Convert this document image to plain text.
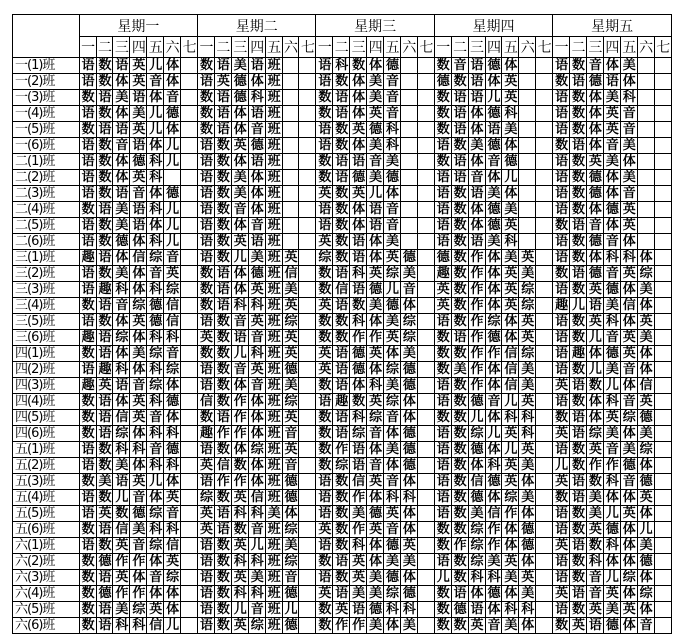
	星期一							星期二							星期三							星期四							星期五						
	一	二	三	四	五	六	七	一	二	三	四	五	六	七	一	二	三	四	五	六	七	一	二	三	四	五	六	七	一	二	三	四	五	六	七
一(1)班	语	数	语	英	儿	体		数	语	美	语	班			语	科	数	体	德			数	音	语	德	体			语	数	音	体	美		
一(2)班	语	数	体	英	音	体		语	英	德	体	班			语	数	体	美	音			德	数	语	体	英			数	语	德	语	体		
一(3)班	数	语	美	语	体	音		数	语	德	科	班			数	语	体	美	音			数	语	语	儿	英			语	数	体	美	科		
一(4)班	语	数	体	美	儿	德		数	语	体	语	班			数	语	体	英	音			数	语	体	德	科			语	数	体	英	音		
一(5)班	数	语	语	英	儿	体		数	语	体	音	班			语	数	英	德	科			数	语	体	语	美			语	数	体	英	音		
一(6)班	语	数	音	语	体	儿		语	数	英	德	班			语	数	体	美	科			语	数	美	德	体			数	语	体	音	美		
二(1)班	语	数	体	德	科	儿		语	数	体	语	班			数	语	语	音	美			数	语	体	音	德			语	数	英	美	体		
二(2)班	语	数	体	英	科			语	数	美	体	班			数	语	德	美	德			语	语	音	体	儿			语	数	德	体	美		
二(3)班	语	数	语	音	体	德		语	数	美	体	班			英	数	英	儿	体			语	数	语	美	体			语	数	德	体	音		
二(4)班	数	语	美	语	科	儿		语	数	音	体	班			语	数	体	语	音			语	数	体	德	美			语	数	体	德	英		
二(5)班	语	数	美	语	体	儿		语	数	体	音	班			语	数	体	语	音			语	数	体	德	英			数	语	音	体	英		
二(6)班	语	数	德	体	科	儿		语	数	英	语	班			英	数	语	体	美			语	数	语	美	科			语	数	德	音	体		
三(1)班	趣	语	体	信	综	音		语	数	儿	美	班	英		综	数	语	体	英	德		德	数	作	体	美	英		语	数	体	科	科	体	
三(2)班	语	数	美	体	音	英		数	语	体	德	班	信		数	语	科	英	综	美		趣	数	作	体	英	美		数	语	德	音	英	综	
三(3)班	语	趣	科	体	科	综		数	语	体	英	班	美		数	信	语	德	儿	音		英	数	作	体	英	综		语	数	英	德	体	美	
三(4)班	数	语	音	综	德	信		数	语	科	科	班	英		英	语	数	美	德	体		英	数	作	体	英	综		趣	儿	语	美	信	体	
三(5)班	语	数	体	英	德	信		语	数	音	英	班	综		数	数	科	体	美	综		语	数	作	综	体	英		语	数	英	科	体	英	
三(6)班	趣	语	综	体	科	科		英	数	语	音	班	英		数	数	作	作	英	综		数	语	作	德	体	英		语	数	儿	音	英	美	
四(1)班	数	语	体	美	综	音		数	数	儿	科	班	英		英	语	德	英	体	美		数	数	作	作	信	综		语	趣	体	德	英	体	
四(2)班	语	趣	科	体	科	综		语	数	音	英	班	德		英	语	德	体	综	德		数	美	作	体	信	美		语	数	儿	美	音	体	
四(3)班	趣	英	语	音	综	体		语	数	体	音	班	美		数	语	体	科	美	德		语	数	作	体	信	美		英	语	数	儿	体	信	
四(4)班	数	语	体	英	科	德		信	数	作	体	班	综		语	趣	数	英	综	体		语	数	德	音	儿	英		语	数	体	科	音	英	
四(5)班	数	语	信	英	音	体		数	语	作	体	班	英		数	语	科	综	音	体		数	数	儿	体	科	科		数	语	体	英	综	德	
四(6)班	数	语	综	体	科	科		趣	作	作	体	班	音		数	语	综	音	体	德		语	数	综	儿	英	科		英	语	综	美	体	美	
五(1)班	语	数	科	科	音	德		语	数	体	综	班	英		数	作	语	体	美	德		语	数	德	体	儿	英		语	数	英	音	美	综	
五(2)班	语	数	美	体	科	科		英	信	数	体	班	音		数	综	语	音	体	德		语	数	体	科	英	美		儿	数	作	作	德	体	
五(3)班	数	美	语	英	儿	体		语	作	作	体	班	德		语	数	信	英	音	体		语	数	信	德	英	体		英	语	数	科	音	德	
五(4)班	语	数	儿	音	体	英		综	数	英	信	班	德		语	数	作	体	科	科		语	数	德	体	综	美		数	语	美	体	体	英	
五(5)班	语	英	数	德	综	音		英	语	科	科	美	体		语	数	美	德	英	体		语	数	美	信	作	体		语	数	美	儿	英	体	
五(6)班	数	语	信	美	科	科		英	语	数	音	班	综		英	数	作	英	音	体		数	数	综	作	体	德		语	数	英	德	体	儿	
六(1)班	语	数	英	音	综	信		语	数	英	儿	班	美		语	数	科	体	德	英		数	作	综	作	体	德		英	语	数	科	体	美	
六(2)班	数	德	作	作	体	英		语	数	科	科	班	综		数	语	英	体	美	美		语	数	综	美	英	体		语	数	科	体	体	德	
六(3)班	数	语	英	体	音	综		语	数	英	美	班	音		语	数	英	美	德	体		儿	数	科	科	美	英		语	数	音	儿	综	体	
六(4)班	数	德	作	作	体	体		语	数	科	科	班	德		英	语	美	美	综	德		数	语	体	德	体	美		英	语	音	英	体	综	
六(5)班	数	语	美	综	英	体		语	数	儿	音	班	儿		数	英	语	德	科	科		数	德	语	体	科	科		语	数	英	美	英	体	
六(6)班	数	语	科	科	信	儿		语	数	英	综	班	德		数	作	作	美	体	美		数	数	英	音	美	体		数	英	语	德	体	音	
